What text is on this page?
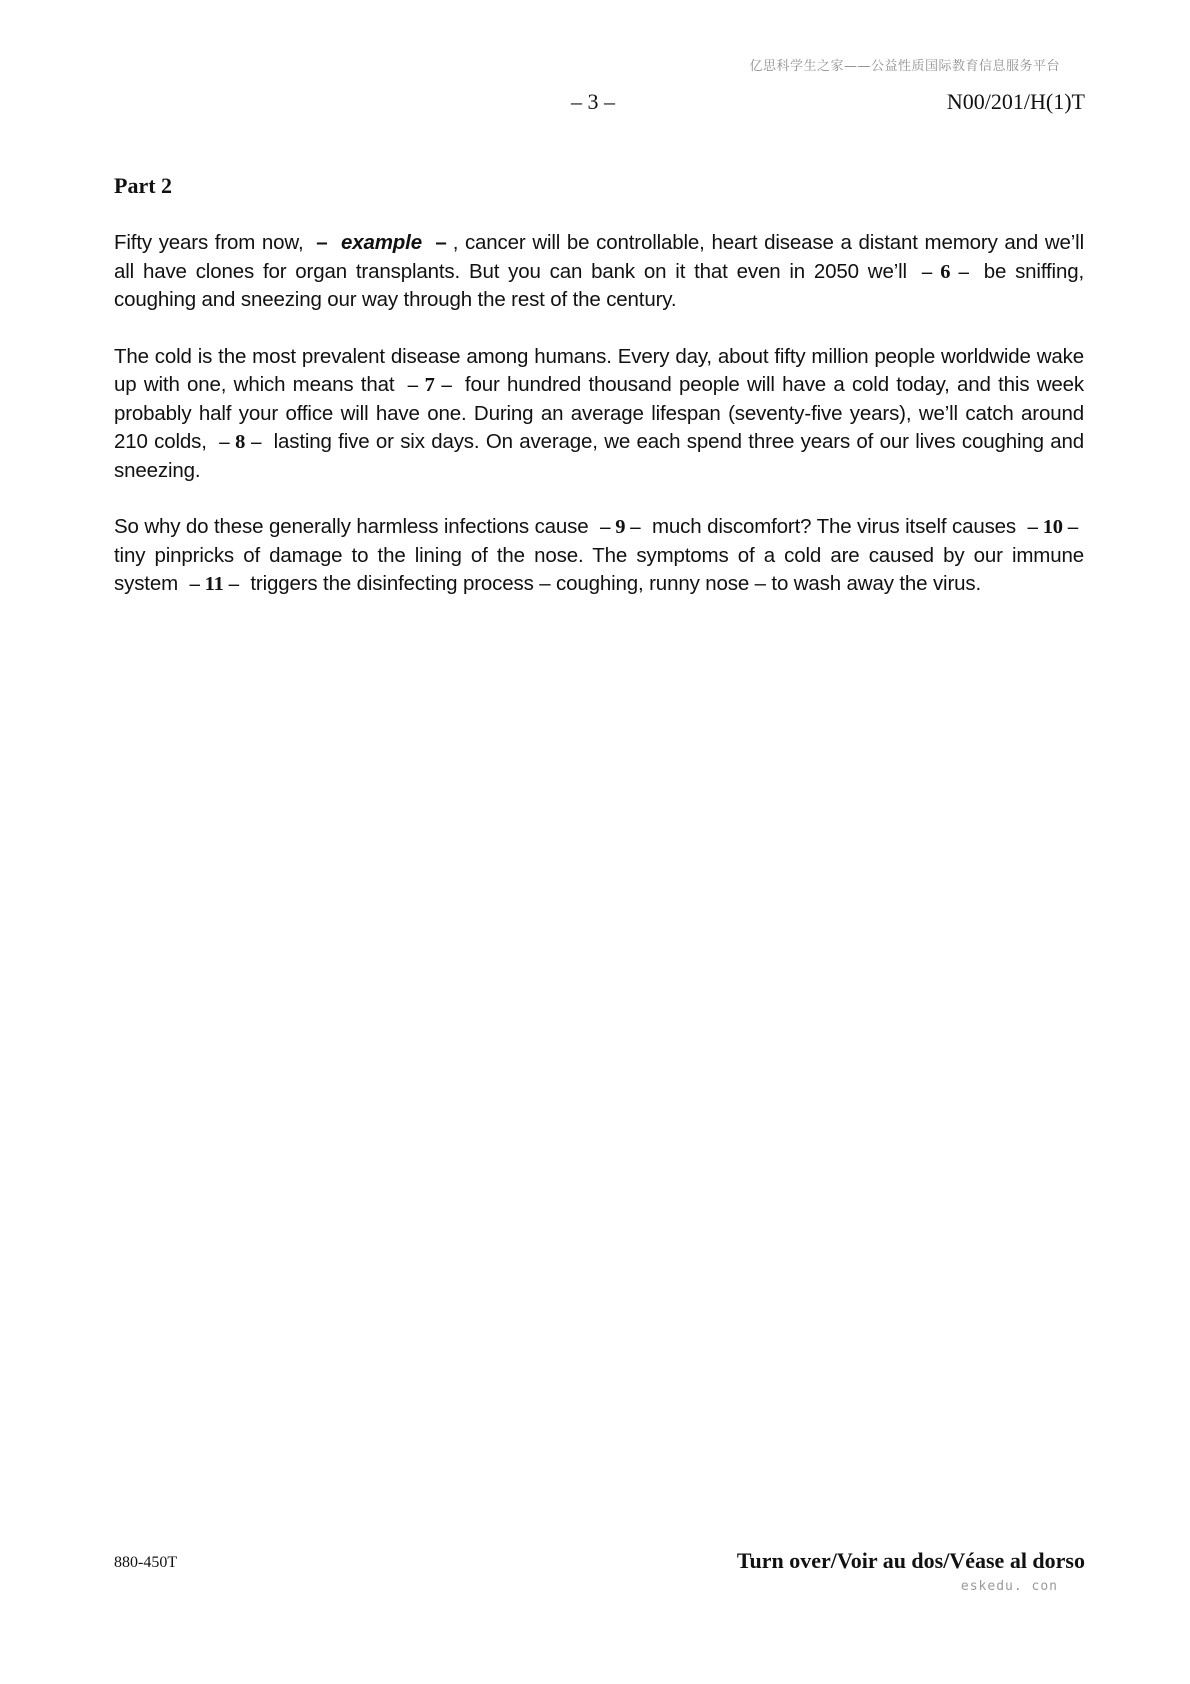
亿思科学生之家——公益性质国际教育信息服务平台
– 3 –	N00/201/H(1)T
Part 2

Fifty years from now, – example – , cancer will be controllable, heart disease a distant memory and we’ll all have clones for organ transplants. But you can bank on it that even in 2050 we’ll – 6 – be sniffing, coughing and sneezing our way through the rest of the century.

The cold is the most prevalent disease among humans. Every day, about fifty million people worldwide wake up with one, which means that – 7 – four hundred thousand people will have a cold today, and this week probably half your office will have one. During an average lifespan (seventy-five years), we’ll catch around 210 colds, – 8 – lasting five or six days. On average, we each spend three years of our lives coughing and sneezing.

So why do these generally harmless infections cause – 9 – much discomfort? The virus itself causes – 10 – tiny pinpricks of damage to the lining of the nose. The symptoms of a cold are caused by our immune system – 11 – triggers the disinfecting process – coughing, runny nose – to wash away the virus.

880-450T	Turn over/Voir au dos/Véase al dorso
eskedu. con
